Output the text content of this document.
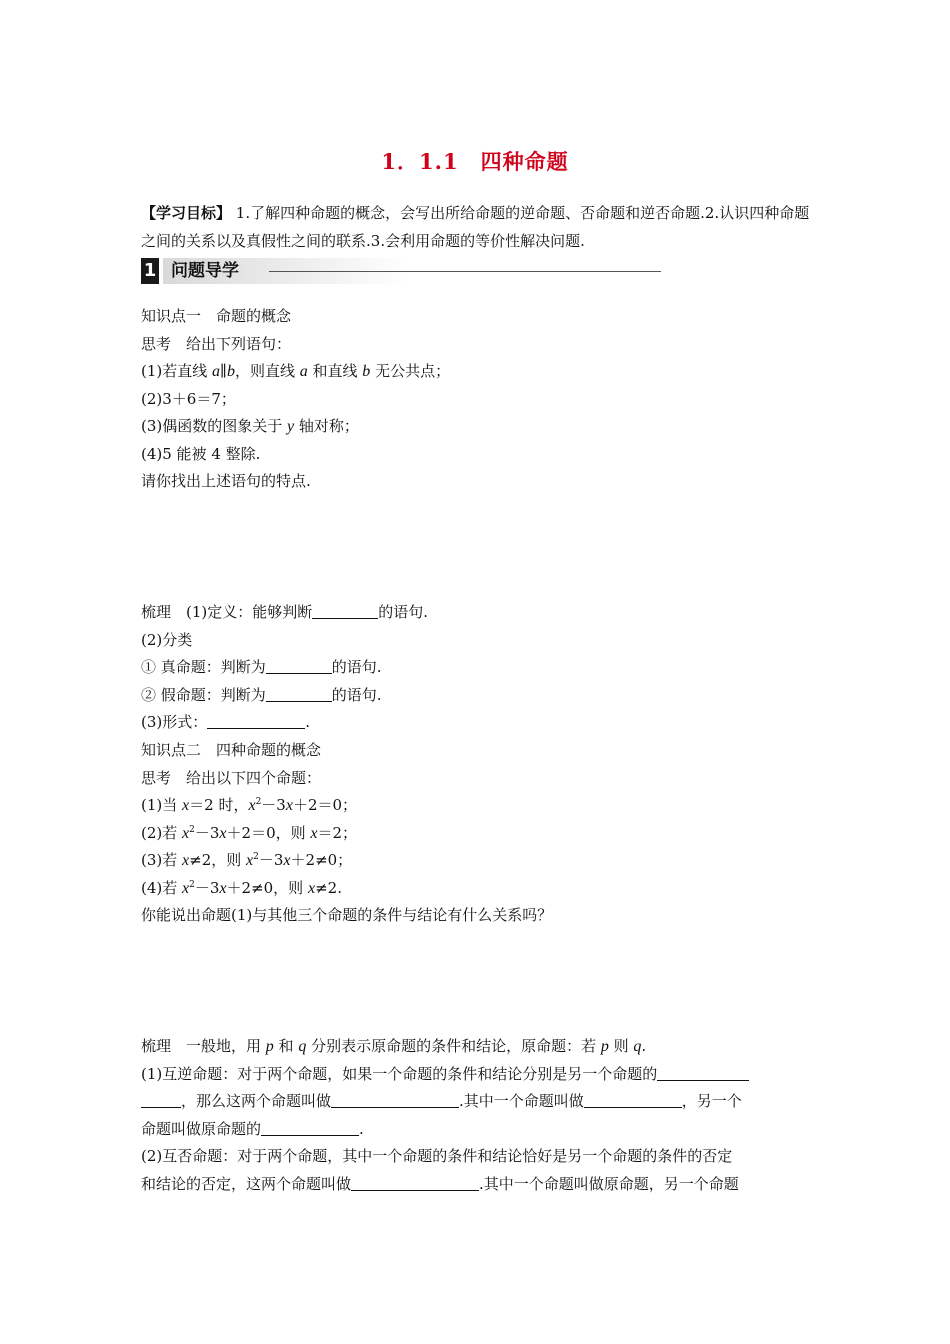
1．1.1　四种命题
【学习目标】 1.了解四种命题的概念，会写出所给命题的逆命题、否命题和逆否命题.2.认识四种命题之间的关系以及真假性之间的联系.3.会利用命题的等价性解决问题.
1 问题导学

知识点一　命题的概念

思考　给出下列语句：

(1)若直线 a∥b，则直线 a 和直线 b 无公共点；

(2)3＋6＝7；

(3)偶函数的图象关于 y 轴对称；

(4)5 能被 4 整除.

请你找出上述语句的特点.

梳理　(1)定义：能够判断	的语句.

(2)分类

① 真命题：判断为	的语句.

② 假命题：判断为	的语句.

(3)形式：	.

知识点二　四种命题的概念

思考　给出以下四个命题：

(1)当 x＝2 时，$x^2-3x+2=0$；

(2)若 $x^2-3x+2=0$，则 x＝2；

(3)若 x≠2，则 $x^2-3x+2\ne 0$；

(4)若 $x^2-3x+2\ne 0$，则 x≠2.

你能说出命题(1)与其他三个命题的条件与结论有什么关系吗？

梳理　一般地，用 p 和 q 分别表示原命题的条件和结论，原命题：若 p 则 q.

(1)互逆命题：对于两个命题，如果一个命题的条件和结论分别是另一个命题的

，那么这两个命题叫做	.其中一个命题叫做	，另一个

命题叫做原命题的	.

(2)互否命题：对于两个命题，其中一个命题的条件和结论恰好是另一个命题的条件的否定

和结论的否定，这两个命题叫做	.其中一个命题叫做原命题，另一个命题
